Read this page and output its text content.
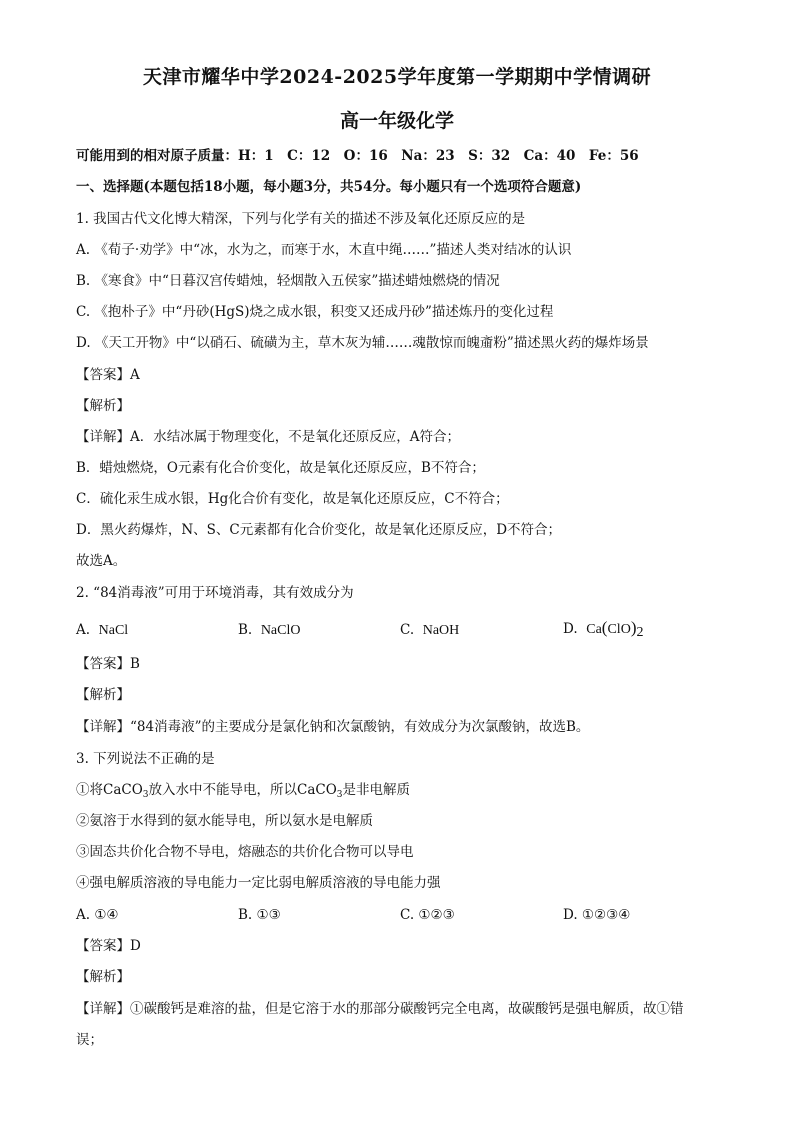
天津市耀华中学2024-2025学年度第一学期期中学情调研
高一年级化学
可能用到的相对原子质量：H：1　C：12　O：16　Na：23　S：32　Ca：40　Fe：56
一、选择题(本题包括18小题，每小题3分，共54分。每小题只有一个选项符合题意)
1. 我国古代文化博大精深，下列与化学有关的描述不涉及氧化还原反应的是
A. 《荀子·劝学》中“冰，水为之，而寒于水，木直中绳……”描述人类对结冰的认识
B. 《寒食》中“日暮汉宫传蜡烛，轻烟散入五侯家”描述蜡烛燃烧的情况
C. 《抱朴子》中“丹砂(HgS)烧之成水银，积变又还成丹砂”描述炼丹的变化过程
D. 《天工开物》中“以硝石、硫磺为主，草木灰为辅……魂散惊而魄齑粉”描述黑火药的爆炸场景
【答案】A
【解析】
【详解】A．水结冰属于物理变化，不是氧化还原反应，A符合；
B．蜡烛燃烧，O元素有化合价变化，故是氧化还原反应，B不符合；
C．硫化汞生成水银，Hg化合价有变化，故是氧化还原反应，C不符合；
D．黑火药爆炸，N、S、C元素都有化合价变化，故是氧化还原反应，D不符合；
故选A。
2. “84消毒液”可用于环境消毒，其有效成分为
A. NaCl	B. NaClO	C. NaOH	D. $Ca(ClO)_2$
【答案】B
【解析】
【详解】“84消毒液”的主要成分是氯化钠和次氯酸钠，有效成分为次氯酸钠，故选B。
3. 下列说法不正确的是
①将CaCO$_3$放入水中不能导电，所以CaCO$_3$是非电解质
②氨溶于水得到的氨水能导电，所以氨水是电解质
③固态共价化合物不导电，熔融态的共价化合物可以导电
④强电解质溶液的导电能力一定比弱电解质溶液的导电能力强
A. ①④	B. ①③	C. ①②③	D. ①②③④
【答案】D
【解析】
【详解】①碳酸钙是难溶的盐，但是它溶于水的那部分碳酸钙完全电离，故碳酸钙是强电解质，故①错
误；
